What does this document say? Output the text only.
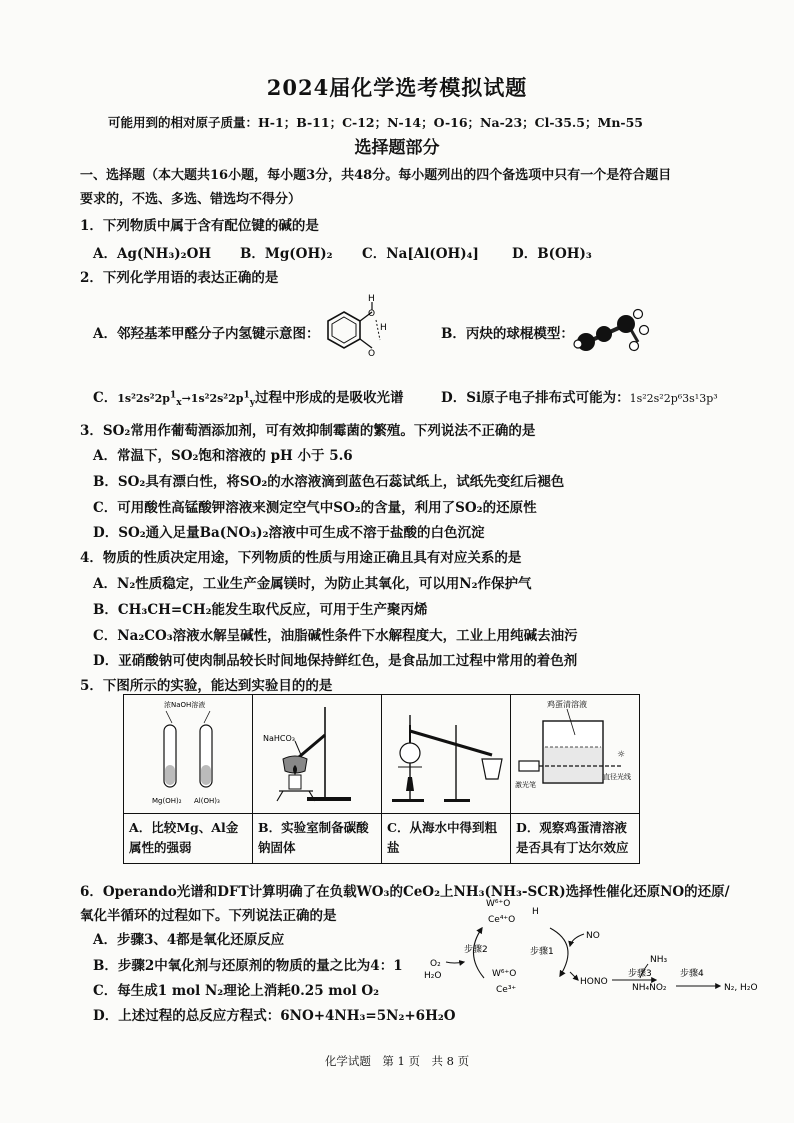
2024届化学选考模拟试题
可能用到的相对原子质量：H-1；B-11；C-12；N-14；O-16；Na-23；Cl-35.5；Mn-55
选择题部分
一、选择题（本大题共16小题，每小题3分，共48分。每小题列出的四个备选项中只有一个是符合题目
要求的，不选、多选、错选均不得分）
1．下列物质中属于含有配位键的碱的是
A．Ag(NH₃)₂OH B．Mg(OH)₂ C．Na[Al(OH)₄] D．B(OH)₃
2．下列化学用语的表达正确的是
A．邻羟基苯甲醛分子内氢键示意图：
H
O
H
O
B．丙炔的球棍模型：
C．$1s^22s^22p^1_x\to 1s^22s^22p^1_y$过程中形成的是吸收光谱	D．Si原子电子排布式可能为：1s²2s²2p⁶3s¹3p³
3．SO₂常用作葡萄酒添加剂，可有效抑制霉菌的繁殖。下列说法不正确的是
A．常温下，SO₂饱和溶液的 pH 小于 5.6
B．SO₂具有漂白性，将SO₂的水溶液滴到蓝色石蕊试纸上，试纸先变红后褪色
C．可用酸性高锰酸钾溶液来测定空气中SO₂的含量，利用了SO₂的还原性
D．SO₂通入足量Ba(NO₃)₂溶液中可生成不溶于盐酸的白色沉淀
4．物质的性质决定用途，下列物质的性质与用途正确且具有对应关系的是
A．N₂性质稳定，工业生产金属镁时，为防止其氧化，可以用N₂作保护气
B．CH₃CH=CH₂能发生取代反应，可用于生产聚丙烯
C．Na₂CO₃溶液水解呈碱性，油脂碱性条件下水解程度大，工业上用纯碱去油污
D．亚硝酸钠可使肉制品较长时间地保持鲜红色，是食品加工过程中常用的着色剂
5．下图所示的实验，能达到实验目的的是
浓NaOH溶液
Mg(OH)₂ Al(OH)₃	NaHCO₃		鸡蛋清溶液
☼
激光笔
直径光线

A．比较Mg、Al金属性的强弱	B．实验室制备碳酸钠固体	C．从海水中得到粗盐	D．观察鸡蛋清溶液是否具有丁达尔效应
6．Operando光谱和DFT计算明确了在负载WO₃的CeO₂上NH₃(NH₃-SCR)选择性催化还原NO的还原/
氧化半循环的过程如下。下列说法正确的是
A．步骤3、4都是氧化还原反应
B．步骤2中氧化剂与还原剂的物质的量之比为4：1
C．每生成1 mol N₂理论上消耗0.25 mol O₂
D．上述过程的总反应方程式：6NO+4NH₃=5N₂+6H₂O
W⁶⁺O
H
Ce⁴⁺O
步骤2	步骤1
NO
O₂
H₂O	W⁶⁺O
Ce³⁺
HONO
NH₃
步骤3	步骤4
NH₄NO₂	N₂, H₂O
化学试题　第 1 页　共 8 页
